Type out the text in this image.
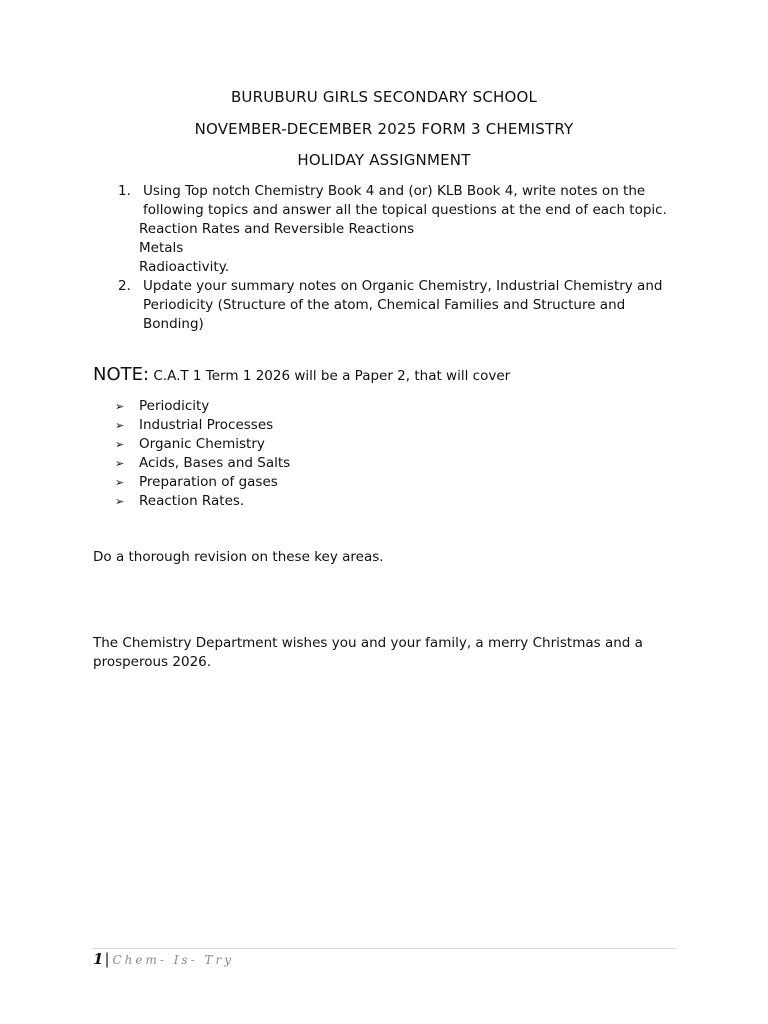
BURUBURU GIRLS SECONDARY SCHOOL
NOVEMBER-DECEMBER 2025 FORM 3 CHEMISTRY
HOLIDAY ASSIGNMENT
1. Using Top notch Chemistry Book 4 and (or) KLB Book 4, write notes on the following topics and answer all the topical questions at the end of each topic.
Reaction Rates and Reversible Reactions
Metals
Radioactivity.
2. Update your summary notes on Organic Chemistry, Industrial Chemistry and Periodicity (Structure of the atom, Chemical Families and Structure and Bonding)
NOTE: C.A.T 1 Term 1 2026 will be a Paper 2, that will cover
➢ Periodicity
➢ Industrial Processes
➢ Organic Chemistry
➢ Acids, Bases and Salts
➢ Preparation of gases
➢ Reaction Rates.
Do a thorough revision on these key areas.
The Chemistry Department wishes you and your family, a merry Christmas and a prosperous 2026.
1| Chem- Is- Try
